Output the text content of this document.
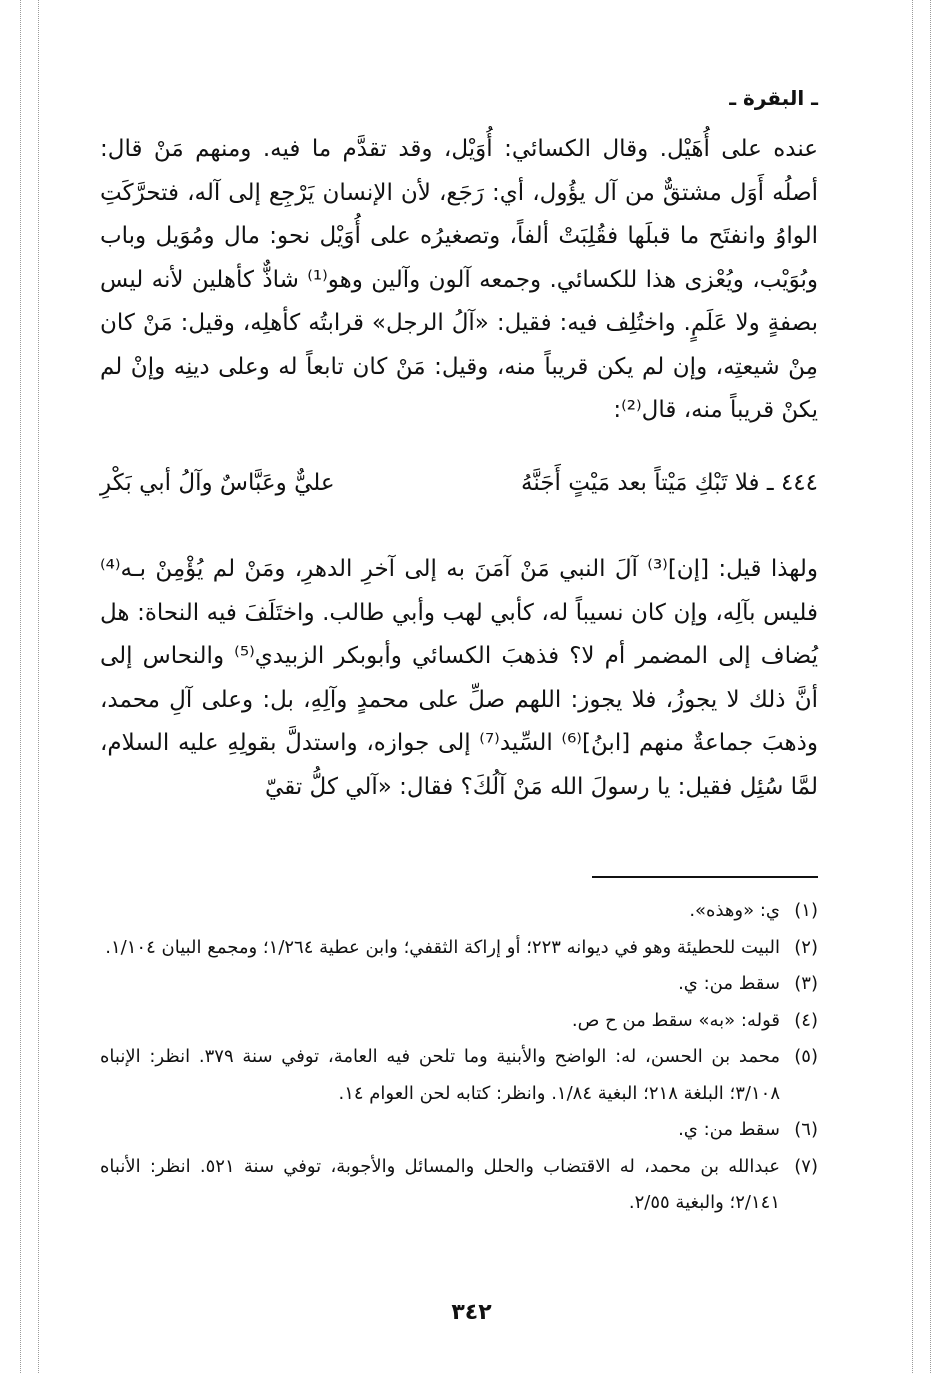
ـ البقرة ـ

عنده على أُهَيْل. وقال الكسائي: أُوَيْل، وقد تقدَّم ما فيه. ومنهم مَنْ قال: أصلُه أَوَل مشتقٌّ من آل يؤُول، أي: رَجَع، لأن الإنسان يَرْجِع إلى آله، فتحرَّكَتِ الواوُ وانفتَح ما قبلَها فقُلِبَتْ ألفاً، وتصغيرُه على أُوَيْل نحو: مال ومُوَيل وباب وبُوَيْب، ويُعْزى هذا للكسائي. وجمعه آلون وآلين وهو⁽¹⁾ شاذٌّ كأهلين لأنه ليس بصفةٍ ولا عَلَمٍ. واختُلِف فيه: فقيل: «آلُ الرجل» قرابتُه كأهلِه، وقيل: مَنْ كان مِنْ شيعتِه، وإن لم يكن قريباً منه، وقيل: مَنْ كان تابعاً له وعلى دينِه وإنْ لم يكنْ قريباً منه، قال⁽²⁾:

٤٤٤ ـ فلا تَبْكِ مَيْتاً بعد مَيْتٍ أَجَنَّهُ
عليٌّ وعَبَّاسٌ وآلُ أبي بَكْرِ

ولهذا قيل: [إن]⁽³⁾ آلَ النبي مَنْ آمَنَ به إلى آخرِ الدهرِ، ومَنْ لم يُؤْمِنْ بـه⁽⁴⁾ فليس بآلِه، وإن كان نسيباً له، كأبي لهب وأبي طالب. واختَلَفَ فيه النحاة: هل يُضاف إلى المضمر أم لا؟ فذهبَ الكسائي وأبوبكر الزبيدي⁽⁵⁾ والنحاس إلى أنَّ ذلك لا يجوزُ، فلا يجوز: اللهم صلِّ على محمدٍ وآلِهِ، بل: وعلى آلِ محمد، وذهبَ جماعةٌ منهم [ابنُ]⁽⁶⁾ السِّيد⁽⁷⁾ إلى جوازه، واستدلَّ بقولِهِ عليه السلام، لمَّا سُئِل فقيل: يا رسولَ الله مَنْ آلُكَ؟ فقال: «آلي كلُّ تقيّ

(١)
ي: «وهذه».
(٢)
البيت للحطيئة وهو في ديوانه ٢٢٣؛ أو إراكة الثقفي؛ وابن عطية ١/٢٦٤؛ ومجمع البيان ١/١٠٤.
(٣)
سقط من: ي.
(٤)
قوله: «به» سقط من ح ص.
(٥)
محمد بن الحسن، له: الواضح والأبنية وما تلحن فيه العامة، توفي سنة ٣٧٩. انظر: الإنباه ٣/١٠٨؛ البلغة ٢١٨؛ البغية ١/٨٤. وانظر: كتابه لحن العوام ١٤.
(٦)
سقط من: ي.
(٧)
عبدالله بن محمد، له الاقتضاب والحلل والمسائل والأجوبة، توفي سنة ٥٢١. انظر: الأنباه ٢/١٤١؛ والبغية ٢/٥٥.
٣٤٢
